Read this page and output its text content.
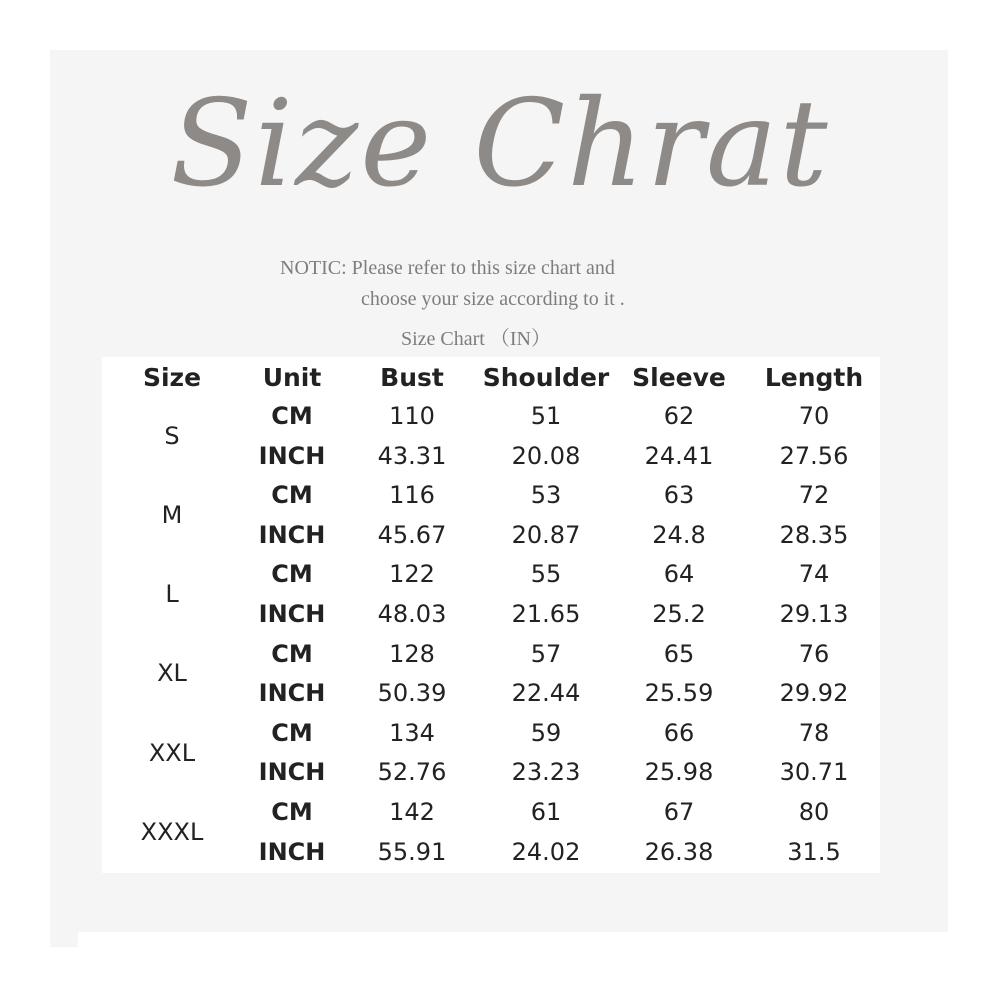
Size Chrat
NOTIC: Please refer to this size chart and
choose your size according to it .
Size Chart （IN）
Size Unit Bust Shoulder Sleeve Length
S
CM	110	51	62	70
INCH 43.31	20.08	24.41	27.56
M
CM	116	53	63	72
INCH 45.67	20.87	24.8	28.35
L
CM	122	55	64	74
INCH 48.03	21.65	25.2	29.13
XL
CM	128	57	65	76
INCH 50.39	22.44	25.59	29.92
XXL
CM	134	59	66	78
INCH 52.76	23.23	25.98	30.71
XXXL
CM	142	61	67	80
INCH 55.91	24.02	26.38	31.5
